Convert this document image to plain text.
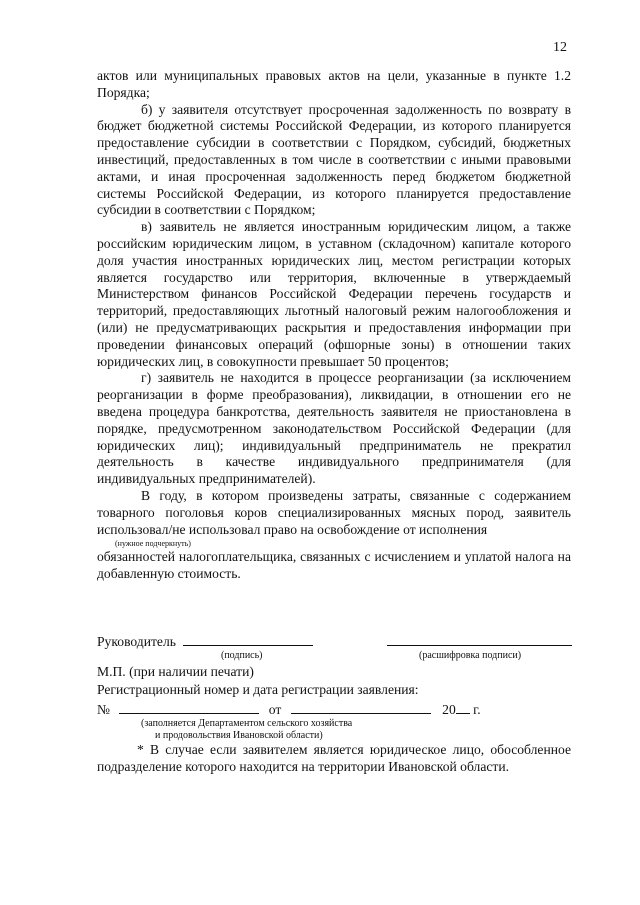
12

актов или муниципальных правовых актов на цели, указанные в пункте 1.2 Порядка;

б) у заявителя отсутствует просроченная задолженность по возврату в бюджет бюджетной системы Российской Федерации, из которого планируется предоставление субсидии в соответствии с Порядком, субсидий, бюджетных инвестиций, предоставленных в том числе в соответствии с иными правовыми актами, и иная просроченная задолженность перед бюджетом бюджетной системы Российской Федерации, из которого планируется предоставление субсидии в соответствии с Порядком;

в) заявитель не является иностранным юридическим лицом, а также российским юридическим лицом, в уставном (складочном) капитале которого доля участия иностранных юридических лиц, местом регистрации которых является государство или территория, включенные в утверждаемый Министерством финансов Российской Федерации перечень государств и территорий, предоставляющих льготный налоговый режим налогообложения и (или) не предусматривающих раскрытия и предоставления информации при проведении финансовых операций (офшорные зоны) в отношении таких юридических лиц, в совокупности превышает 50 процентов;

г) заявитель не находится в процессе реорганизации (за исключением реорганизации в форме преобразования), ликвидации, в отношении его не введена процедура банкротства, деятельность заявителя не приостановлена в порядке, предусмотренном законодательством Российской Федерации (для юридических лиц); индивидуальный предприниматель не прекратил деятельность в качестве индивидуального предпринимателя (для индивидуальных предпринимателей).

В году, в котором произведены затраты, связанные с содержанием товарного поголовья коров специализированных мясных пород, заявитель использовал/не использовал право на освобождение от исполнения

(нужное подчеркнуть)

обязанностей налогоплательщика, связанных с исчислением и уплатой налога на добавленную стоимость.

Руководитель
(подпись)	(расшифровка подписи)
М.П. (при наличии печати)
Регистрационный номер и дата регистрации заявления:
№	от	20 г.
(заполняется Департаментом сельского хозяйства
и продовольствия Ивановской области)

* В случае если заявителем является юридическое лицо, обособленное подразделение которого находится на территории Ивановской области.
